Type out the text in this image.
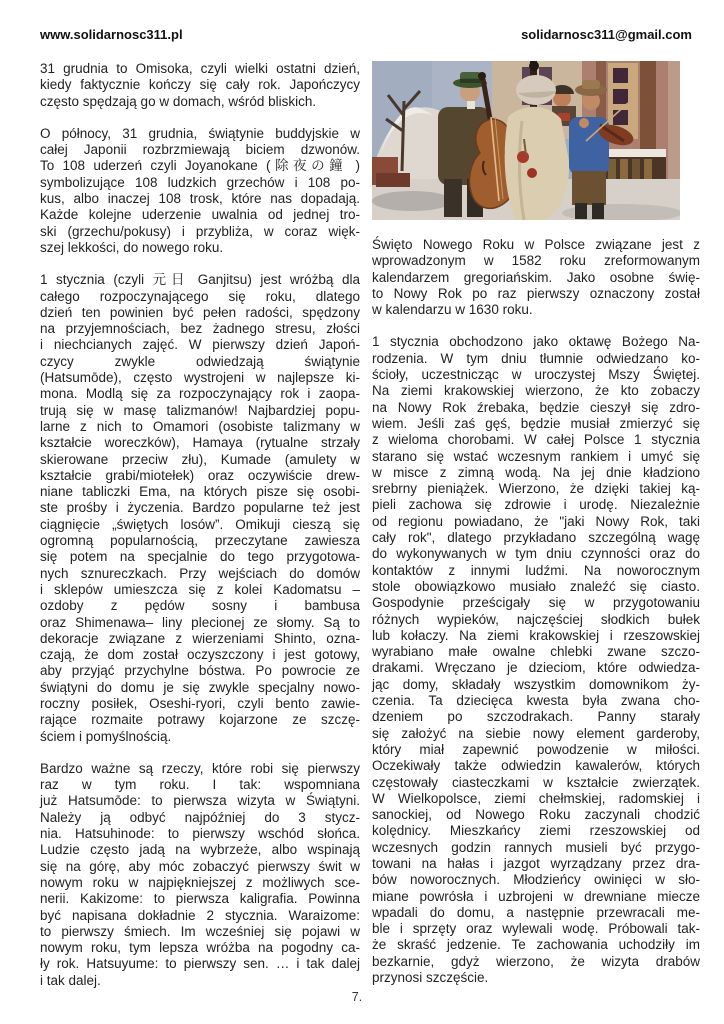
www.solidarnosc311.pl	solidarnosc311@gmail.com

31 grudnia to Omisoka, czyli wielki ostatni dzień,
kiedy faktycznie kończy się cały rok. Japończycy
często spędzają go w domach, wśród bliskich.

O północy, 31 grudnia, świątynie buddyjskie w
całej Japonii rozbrzmiewają biciem dzwonów.
To 108 uderzeń czyli Joyanokane (除夜の鐘 )
symbolizujące 108 ludzkich grzechów i 108 po-
kus, albo inaczej 108 trosk, które nas dopadają.
Każde kolejne uderzenie uwalnia od jednej tro-
ski (grzechu/pokusy) i przybliża, w coraz więk-
szej lekkości, do nowego roku.

1 stycznia (czyli 元日 Ganjitsu) jest wróżbą dla
całego rozpoczynającego się roku, dlatego
dzień ten powinien być pełen radości, spędzony
na przyjemnościach, bez żadnego stresu, złości
i niechcianych zajęć. W pierwszy dzień Japoń-
czycy zwykle odwiedzają świątynie
(Hatsumōde), często wystrojeni w najlepsze ki-
mona. Modlą się za rozpoczynający rok i zaopa-
trują się w masę talizmanów! Najbardziej popu-
larne z nich to Omamori (osobiste talizmany w
kształcie woreczków), Hamaya (rytualne strzały
skierowane przeciw złu), Kumade (amulety w
kształcie grabi/miotełek) oraz oczywiście drew-
niane tabliczki Ema, na których pisze się osobi-
ste prośby i życzenia. Bardzo popularne też jest
ciągnięcie „świętych losów”. Omikuji cieszą się
ogromną popularnością, przeczytane zawiesza
się potem na specjalnie do tego przygotowa-
nych sznureczkach. Przy wejściach do domów
i sklepów umieszcza się z kolei Kadomatsu –
ozdoby z pędów sosny i bambusa
oraz Shimenawa– liny plecionej ze słomy. Są to
dekoracje związane z wierzeniami Shinto, ozna-
czają, że dom został oczyszczony i jest gotowy,
aby przyjąć przychylne bóstwa. Po powrocie ze
świątyni do domu je się zwykle specjalny nowo-
roczny posiłek, Oseshi-ryori, czyli bento zawie-
rające rozmaite potrawy kojarzone ze szczę-
ściem i pomyślnością.

Bardzo ważne są rzeczy, które robi się pierwszy
raz w tym roku. I tak: wspomniana
już Hatsumōde: to pierwsza wizyta w Świątyni.
Należy ją odbyć najpóźniej do 3 stycz-
nia. Hatsuhinode: to pierwszy wschód słońca.
Ludzie często jadą na wybrzeże, albo wspinają
się na górę, aby móc zobaczyć pierwszy świt w
nowym roku w najpiękniejszej z możliwych sce-
nerii. Kakizome: to pierwsza kaligrafia. Powinna
być napisana dokładnie 2 stycznia. Waraizome:
to pierwszy śmiech. Im wcześniej się pojawi w
nowym roku, tym lepsza wróżba na pogodny ca-
ły rok. Hatsuyume: to pierwszy sen. … i tak dalej
i tak dalej.

Święto Nowego Roku w Polsce związane jest z
wprowadzonym w 1582 roku zreformowanym
kalendarzem gregoriańskim. Jako osobne świę-
to Nowy Rok po raz pierwszy oznaczony został
w kalendarzu w 1630 roku.

1 stycznia obchodzono jako oktawę Bożego Na-
rodzenia. W tym dniu tłumnie odwiedzano ko-
ścioły, uczestnicząc w uroczystej Mszy Świętej.
Na ziemi krakowskiej wierzono, że kto zobaczy
na Nowy Rok źrebaka, będzie cieszył się zdro-
wiem. Jeśli zaś gęś, będzie musiał zmierzyć się
z wieloma chorobami. W całej Polsce 1 stycznia
starano się wstać wczesnym rankiem i umyć się
w misce z zimną wodą. Na jej dnie kładziono
srebrny pieniążek. Wierzono, że dzięki takiej ką-
pieli zachowa się zdrowie i urodę. Niezależnie
od regionu powiadano, że "jaki Nowy Rok, taki
cały rok", dlatego przykładano szczególną wagę
do wykonywanych w tym dniu czynności oraz do
kontaktów z innymi ludźmi. Na noworocznym
stole obowiązkowo musiało znaleźć się ciasto.
Gospodynie prześcigały się w przygotowaniu
różnych wypieków, najczęściej słodkich bułek
lub kołaczy. Na ziemi krakowskiej i rzeszowskiej
wyrabiano małe owalne chlebki zwane szczo-
drakami. Wręczano je dzieciom, które odwiedza-
jąc domy, składały wszystkim domownikom ży-
czenia. Ta dziecięca kwesta była zwana cho-
dzeniem po szczodrakach. Panny starały
się założyć na siebie nowy element garderoby,
który miał zapewnić powodzenie w miłości.
Oczekiwały także odwiedzin kawalerów, których
częstowały ciasteczkami w kształcie zwierzątek.
W Wielkopolsce, ziemi chełmskiej, radomskiej i
sanockiej, od Nowego Roku zaczynali chodzić
kolędnicy. Mieszkańcy ziemi rzeszowskiej od
wczesnych godzin rannych musieli być przygo-
towani na hałas i jazgot wyrządzany przez dra-
bów noworocznych. Młodzieńcy owinięci w sło-
miane powrósła i uzbrojeni w drewniane miecze
wpadali do domu, a następnie przewracali me-
ble i sprzęty oraz wylewali wodę. Próbowali tak-
że skraść jedzenie. Te zachowania uchodziły im
bezkarnie, gdyż wierzono, że wizyta drabów
przynosi szczęście.

7.
